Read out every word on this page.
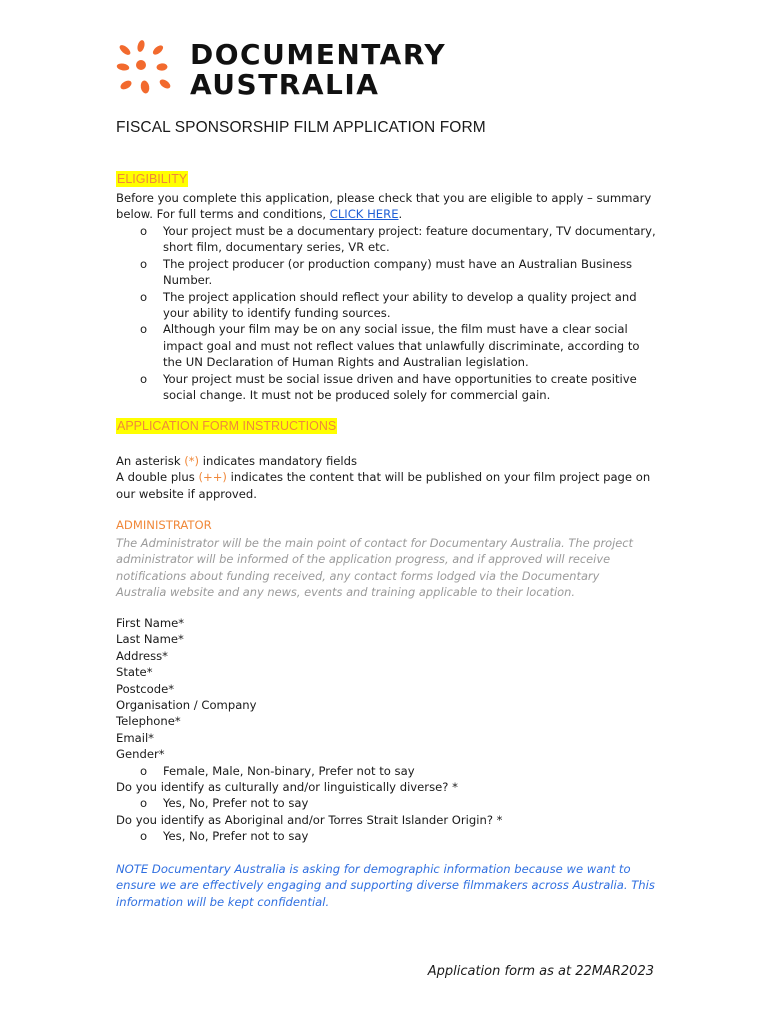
DOCUMENTARY
AUSTRALIA
FISCAL SPONSORSHIP FILM APPLICATION FORM
ELIGIBILITY
Before you complete this application, please check that you are eligible to apply – summary below. For full terms and conditions, CLICK HERE.
o Your project must be a documentary project: feature documentary, TV documentary, short film, documentary series, VR etc.
o The project producer (or production company) must have an Australian Business Number.
o The project application should reflect your ability to develop a quality project and your ability to identify funding sources.
o Although your film may be on any social issue, the film must have a clear social impact goal and must not reflect values that unlawfully discriminate, according to the UN Declaration of Human Rights and Australian legislation.
o Your project must be social issue driven and have opportunities to create positive social change. It must not be produced solely for commercial gain.
APPLICATION FORM INSTRUCTIONS
An asterisk (*) indicates mandatory fields
A double plus (++) indicates the content that will be published on your film project page on our website if approved.
ADMINISTRATOR
The Administrator will be the main point of contact for Documentary Australia. The project administrator will be informed of the application progress, and if approved will receive notifications about funding received, any contact forms lodged via the Documentary Australia website and any news, events and training applicable to their location.
First Name*
Last Name*
Address*
State*
Postcode*
Organisation / Company
Telephone*
Email*
Gender*
o Female, Male, Non-binary, Prefer not to say
Do you identify as culturally and/or linguistically diverse? *
o Yes, No, Prefer not to say
Do you identify as Aboriginal and/or Torres Strait Islander Origin? *
o Yes, No, Prefer not to say
NOTE Documentary Australia is asking for demographic information because we want to ensure we are effectively engaging and supporting diverse filmmakers across Australia. This information will be kept confidential.
Application form as at 22MAR2023
